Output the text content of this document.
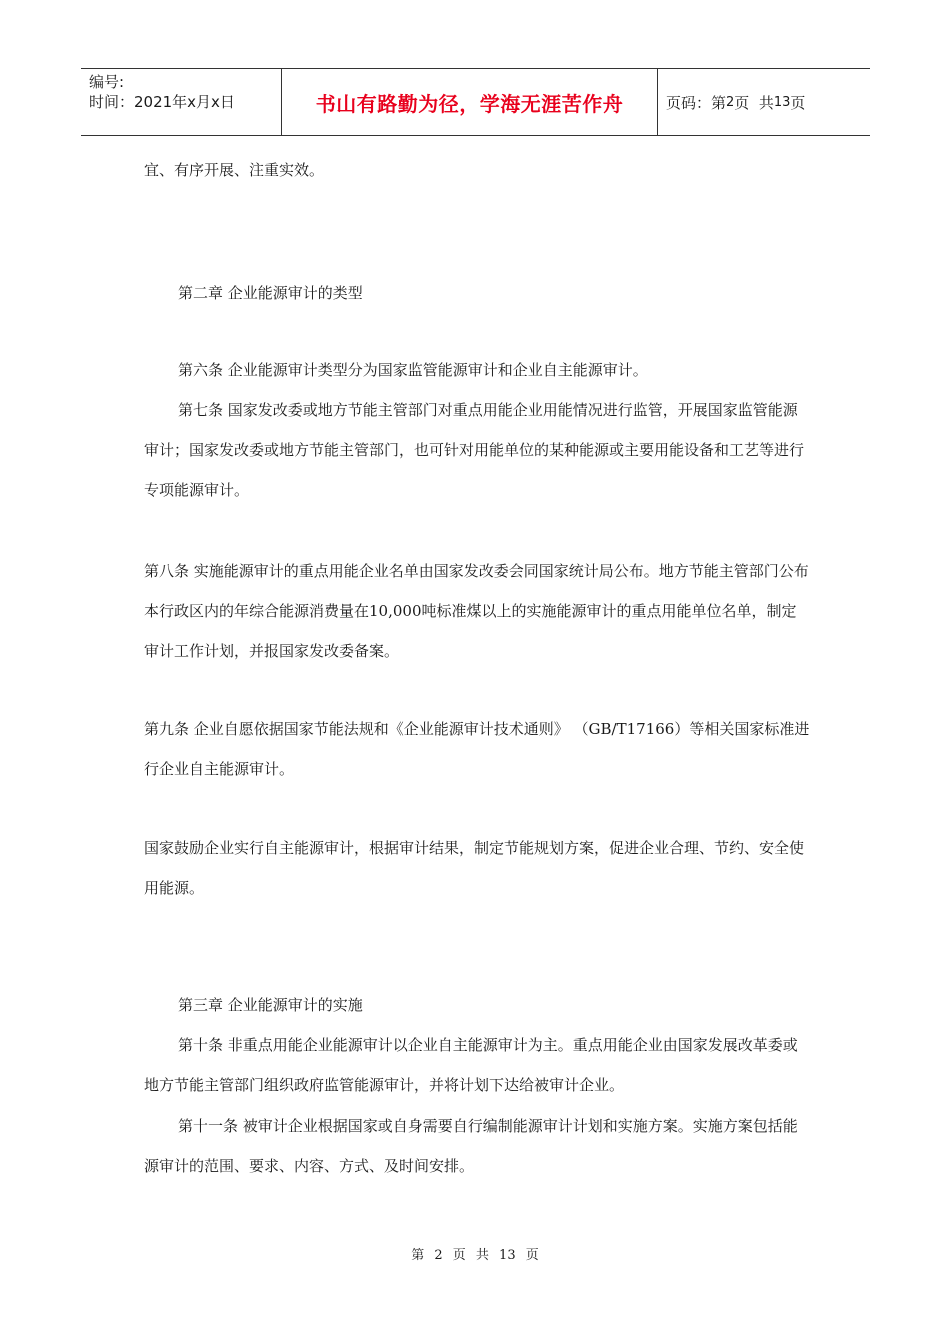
编号:
时间：2021年x月x日	书山有路勤为径，学海无涯苦作舟	页码：第 2 页  共 13 页

宜、有序开展、注重实效。

第二章 企业能源审计的类型

第六条 企业能源审计类型分为国家监管能源审计和企业自主能源审计。

第七条 国家发改委或地方节能主管部门对重点用能企业用能情况进行监管，开展国家监管能源审计；国家发改委或地方节能主管部门，也可针对用能单位的某种能源或主要用能设备和工艺等进行专项能源审计。

第八条 实施能源审计的重点用能企业名单由国家发改委会同国家统计局公布。地方节能主管部门公布本行政区内的年综合能源消费量在10,000吨标准煤以上的实施能源审计的重点用能单位名单，制定审计工作计划，并报国家发改委备案。

第九条 企业自愿依据国家节能法规和《企业能源审计技术通则》 （GB/T17166）等相关国家标准进行企业自主能源审计。

国家鼓励企业实行自主能源审计，根据审计结果，制定节能规划方案，促进企业合理、节约、安全使用能源。

第三章 企业能源审计的实施

第十条 非重点用能企业能源审计以企业自主能源审计为主。重点用能企业由国家发展改革委或地方节能主管部门组织政府监管能源审计，并将计划下达给被审计企业。

第十一条 被审计企业根据国家或自身需要自行编制能源审计计划和实施方案。实施方案包括能源审计的范围、要求、内容、方式、及时间安排。

第 2 页 共 13 页
